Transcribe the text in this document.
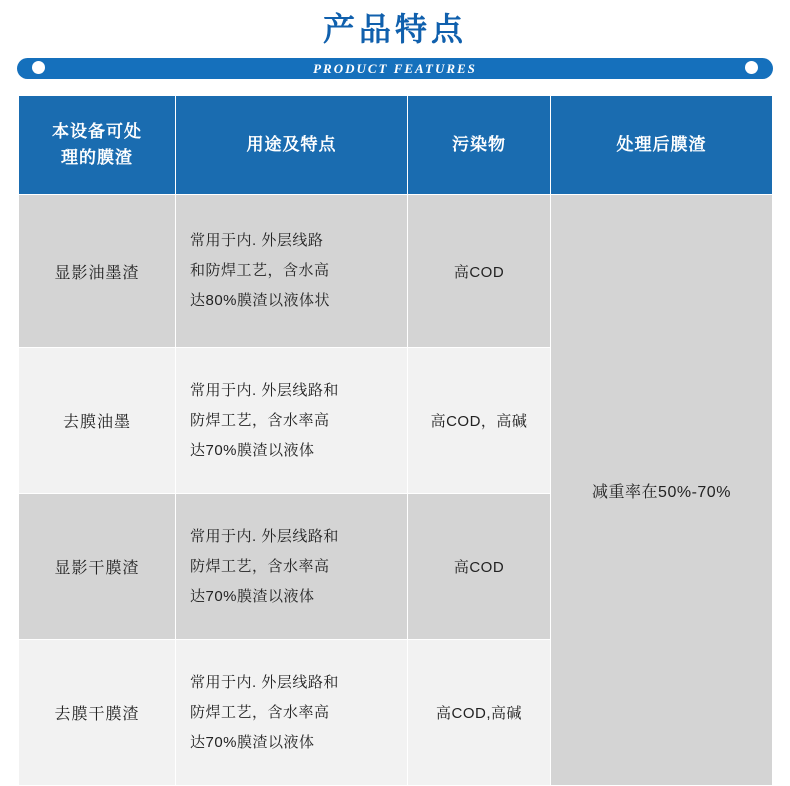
产品特点
PRODUCT FEATURES
本设备可处
理的膜渣	用途及特点	污染物	处理后膜渣
显影油墨渣	常用于内. 外层线路
和防焊工艺，含水高
达80%膜渣以液体状	高COD	减重率在50%-70%
去膜油墨	常用于内. 外层线路和
防焊工艺，含水率高
达70%膜渣以液体	高COD，高碱	
显影干膜渣	常用于内. 外层线路和
防焊工艺，含水率高
达70%膜渣以液体	高COD	
去膜干膜渣	常用于内. 外层线路和
防焊工艺，含水率高
达70%膜渣以液体	高COD,高碱	
